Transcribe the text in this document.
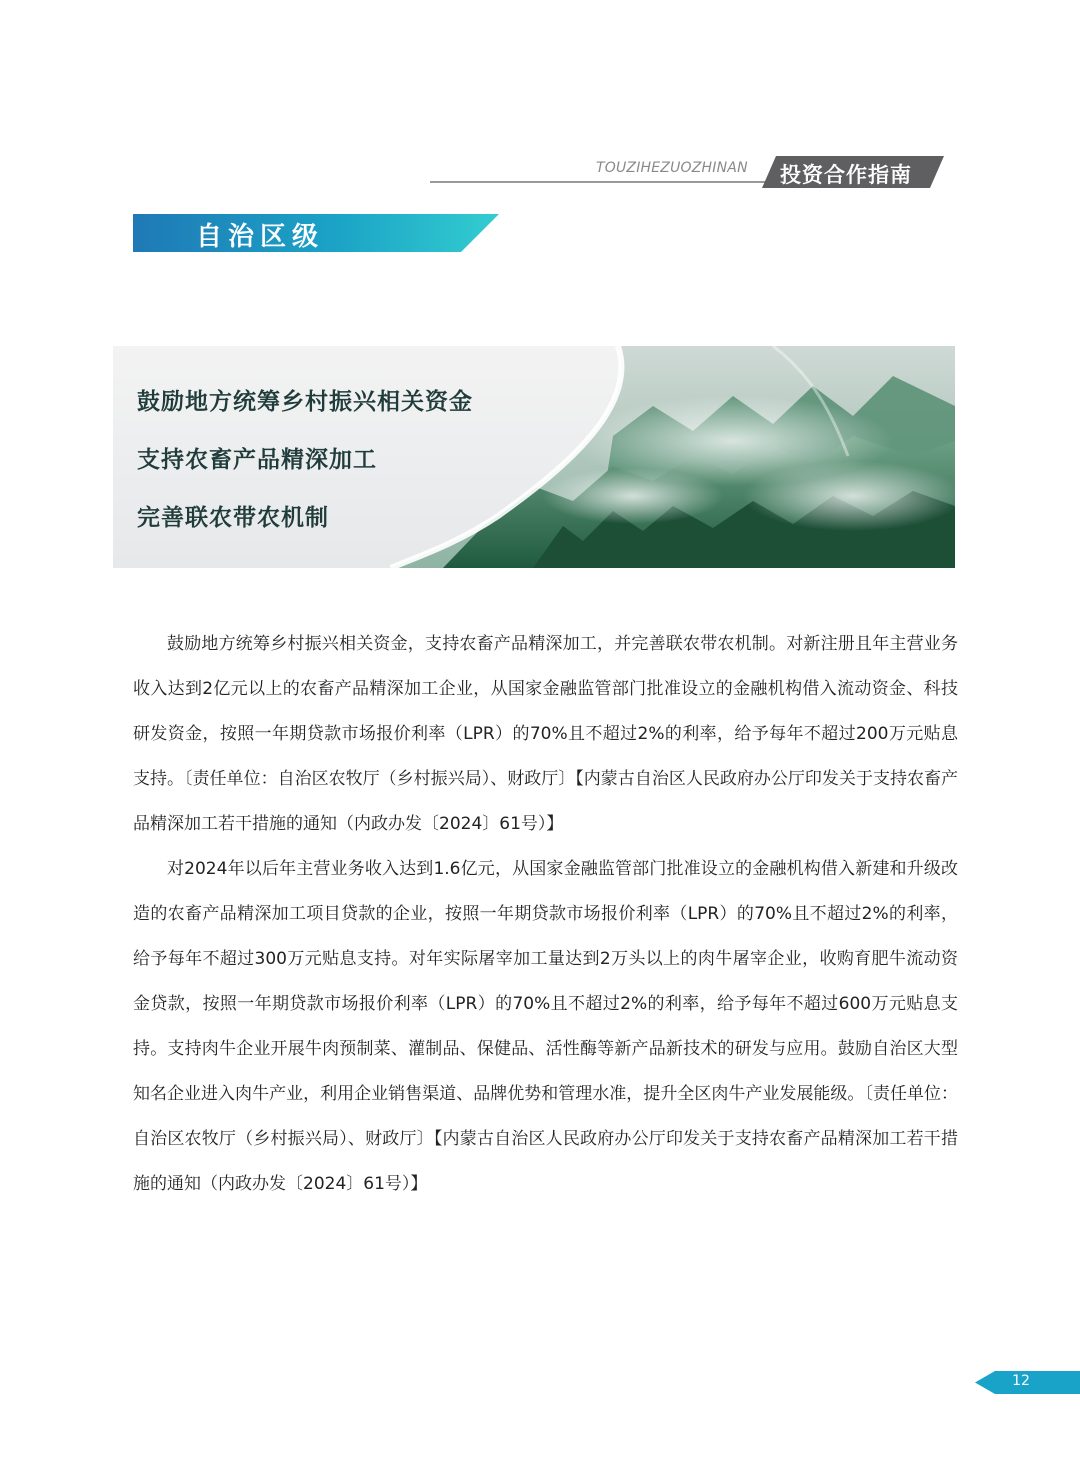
TOUZIHEZUOZHINAN 投资合作指南
自治区级
鼓励地方统筹乡村振兴相关资金
支持农畜产品精深加工
完善联农带农机制

鼓励地方统筹乡村振兴相关资金，支持农畜产品精深加工，并完善联农带农机制。对新注册且年主营业务收入达到2亿元以上的农畜产品精深加工企业，从国家金融监管部门批准设立的金融机构借入流动资金、科技研发资金，按照一年期贷款市场报价利率（LPR）的70%且不超过2%的利率，给予每年不超过200万元贴息支持。〔责任单位：自治区农牧厅（乡村振兴局）、财政厅〕【内蒙古自治区人民政府办公厅印发关于支持农畜产品精深加工若干措施的通知（内政办发〔2024〕61号）】

对2024年以后年主营业务收入达到1.6亿元，从国家金融监管部门批准设立的金融机构借入新建和升级改造的农畜产品精深加工项目贷款的企业，按照一年期贷款市场报价利率（LPR）的70%且不超过2%的利率，给予每年不超过300万元贴息支持。对年实际屠宰加工量达到2万头以上的肉牛屠宰企业，收购育肥牛流动资金贷款，按照一年期贷款市场报价利率（LPR）的70%且不超过2%的利率，给予每年不超过600万元贴息支持。支持肉牛企业开展牛肉预制菜、灌制品、保健品、活性酶等新产品新技术的研发与应用。鼓励自治区大型知名企业进入肉牛产业，利用企业销售渠道、品牌优势和管理水准，提升全区肉牛产业发展能级。〔责任单位：自治区农牧厅（乡村振兴局）、财政厅〕【内蒙古自治区人民政府办公厅印发关于支持农畜产品精深加工若干措施的通知（内政办发〔2024〕61号）】

12
